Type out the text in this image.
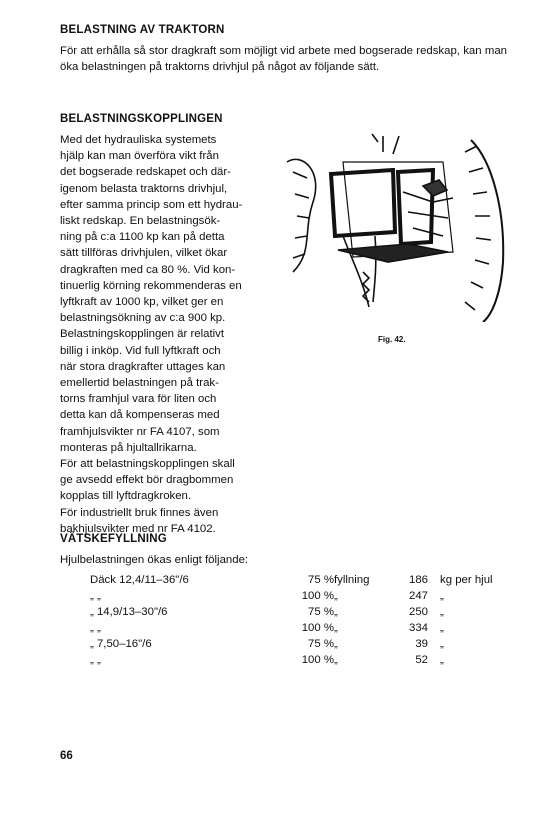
BELASTNING AV TRAKTORN

För att erhålla så stor dragkraft som möjligt vid arbete med bogserade redskap, kan man öka belastningen på traktorns drivhjul på något av följande sätt.

BELASTNINGSKOPPLINGEN
Med det hydrauliska systemets
hjälp kan man överföra vikt från
det bogserade redskapet och där-
igenom belasta traktorns drivhjul,
efter samma princip som ett hydrau-
liskt redskap. En belastningsök-
ning på c:a 1100 kp kan på detta
sätt tillföras drivhjulen, vilket ökar
dragkraften med ca 80 %. Vid kon-
tinuerlig körning rekommenderas en
lyftkraft av 1000 kp, vilket ger en
belastningsökning av c:a 900 kp.
Belastningskopplingen är relativt
billig i inköp. Vid full lyftkraft och
när stora dragkrafter uttages kan
emellertid belastningen på trak-
torns framhjul vara för liten och
detta kan då kompenseras med
framhjulsvikter nr FA 4107, som
monteras på hjultallrikarna.
För att belastningskopplingen skall
ge avsedd effekt bör dragbommen
kopplas till lyftdragkroken.
För industriellt bruk finnes även
bakhjulsvikter med nr FA 4102.
Fig. 42.
VÄTSKEFYLLNING

Hjulbelastningen ökas enligt följande:

Däck 12,4/11–36"/6	75 %	fyllning	186	kg per hjul
„ „	100 %	„	247	„
„ 14,9/13–30"/6	75 %	„	250	„
„ „	100 %	„	334	„
„ 7,50–16"/6	75 %	„	39	„
„ „	100 %	„	52	„
66
